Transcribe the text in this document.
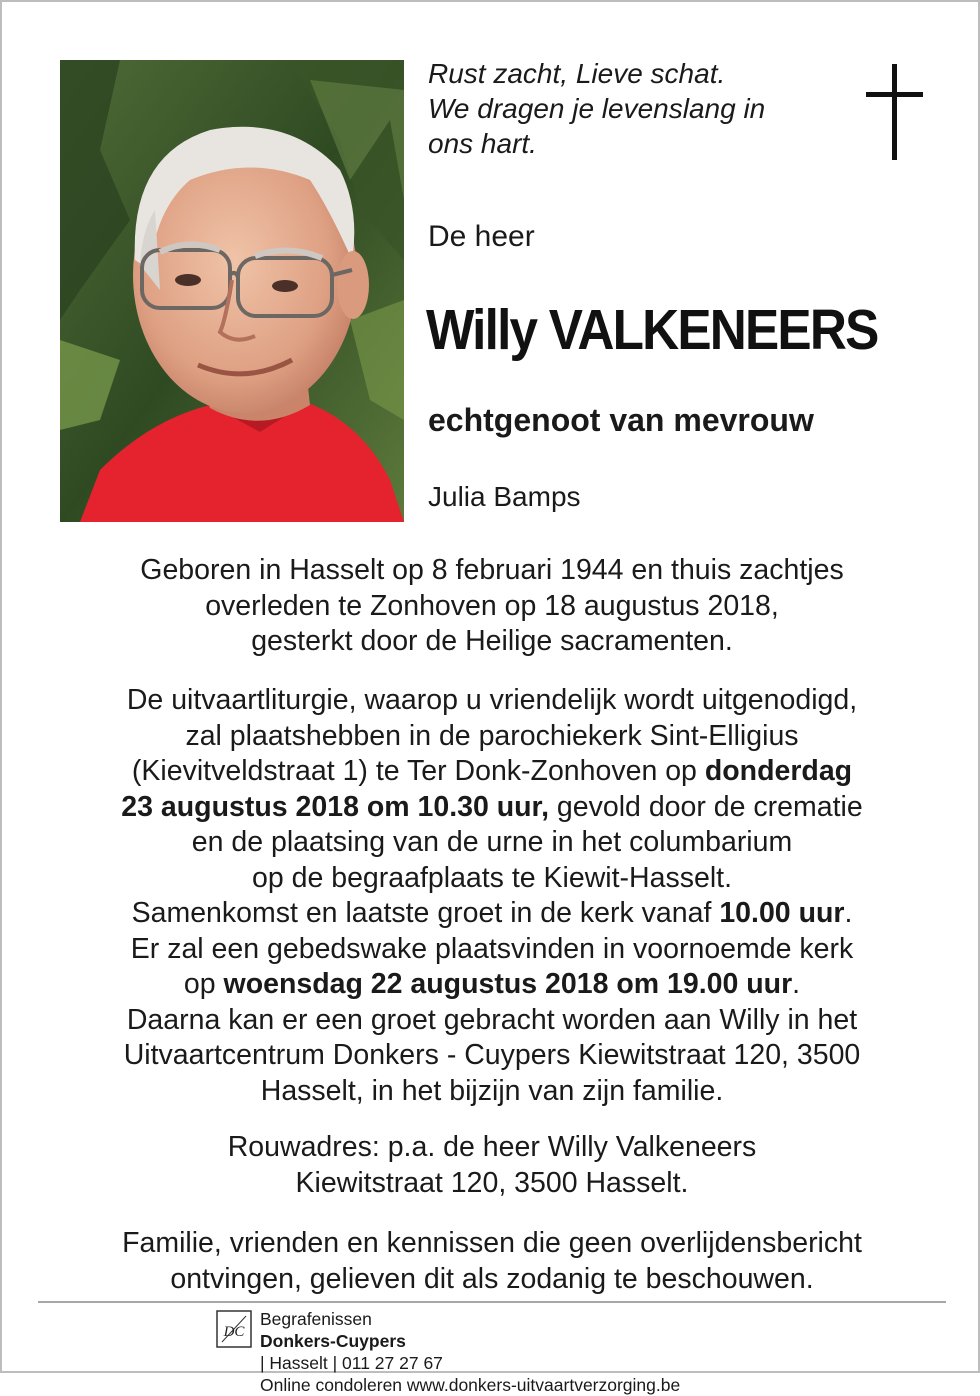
Rust zacht, Lieve schat.
We dragen je levenslang in
ons hart.
De heer
Willy VALKENEERS
echtgenoot van mevrouw
Julia Bamps
Geboren in Hasselt op 8 februari 1944 en thuis zachtjes
overleden te Zonhoven op 18 augustus 2018,
gesterkt door de Heilige sacramenten.
De uitvaartliturgie, waarop u vriendelijk wordt uitgenodigd,
zal plaatshebben in de parochiekerk Sint-Elligius
(Kievitveldstraat 1) te Ter Donk-Zonhoven op donderdag
23 augustus 2018 om 10.30 uur, gevold door de crematie
en de plaatsing van de urne in het columbarium
op de begraafplaats te Kiewit-Hasselt.
Samenkomst en laatste groet in de kerk vanaf 10.00 uur.
Er zal een gebedswake plaatsvinden in voornoemde kerk
op woensdag 22 augustus 2018 om 19.00 uur.
Daarna kan er een groet gebracht worden aan Willy in het
Uitvaartcentrum Donkers - Cuypers Kiewitstraat 120, 3500
Hasselt, in het bijzijn van zijn familie.
Rouwadres: p.a. de heer Willy Valkeneers
Kiewitstraat 120, 3500 Hasselt.
Familie, vrienden en kennissen die geen overlijdensbericht
ontvingen, gelieven dit als zodanig te beschouwen.
DC
Begrafenissen
Donkers-Cuypers
| Hasselt | 011 27 27 67
Online condoleren www.donkers-uitvaartverzorging.be
